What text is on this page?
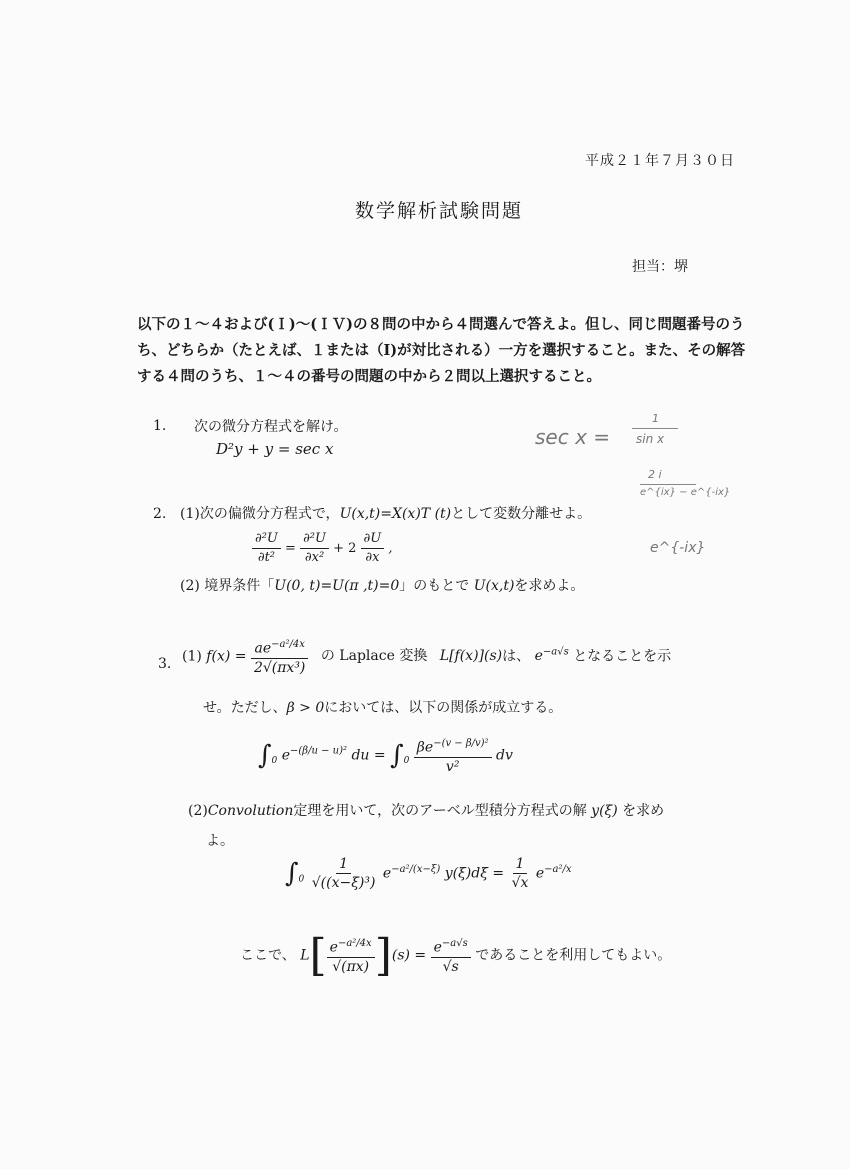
平成２１年７月３０日
数学解析試験問題
担当：堺
以下の１～４および(Ｉ)～(ＩＶ)の８問の中から４問選んで答えよ。但し、同じ問題番号のうち、どちらか（たとえば、１または（I)が対比される）一方を選択すること。また、その解答する４問のうち、１～４の番号の問題の中から２問以上選択すること。
1. 次の微分方程式を解け。
D²y + y = sec x	sec x =
1
sin x
2 i
e^{ix} − e^{-ix}
e^{-ix}
2. (1)次の偏微分方程式で，U(x,t)=X(x)T (t)として変数分離せよ。
$\frac{\text{∂²U}}{\text{∂t²}} = \frac{\text{∂²U}}{\text{∂x²}} + 2 \frac{\partial U}{\partial x}$ ,
(2) 境界条件「U(0, t)=U(π ,t)=0」のもとで U(x,t)を求めよ。
3. (1) $f(x) = \frac{ae^{-a^2/4x}}{\text{2√(πx³)}}$ の Laplace 変換 L[f(x)](s)は、 $e^{-a√s}$ となることを示
せ。ただし、β > 0においては、以下の関係が成立する。
$\int_0$ $e^{-(\beta/u - u)^2}$ du = $\int_0 \frac{\beta e^{-(v - \beta/v)^2}}{\text{v²}}$ dv
(2)Convolution定理を用いて，次のアーベル型積分方程式の解 y(ξ) を求め
よ。
$\int_0 \frac{1}{\text{√((x−ξ)³)}} e^{-a^2/(x-\xi)}$ $y(\xi)d\xi = \frac{1}{√x} e^{-a^2/x}$
ここで、 $L[ \frac{e^{-a^2/4x}}{√(\pi x)} ](s) = \frac{e^{-a√s}}{√s}$ であることを利用してもよい。
